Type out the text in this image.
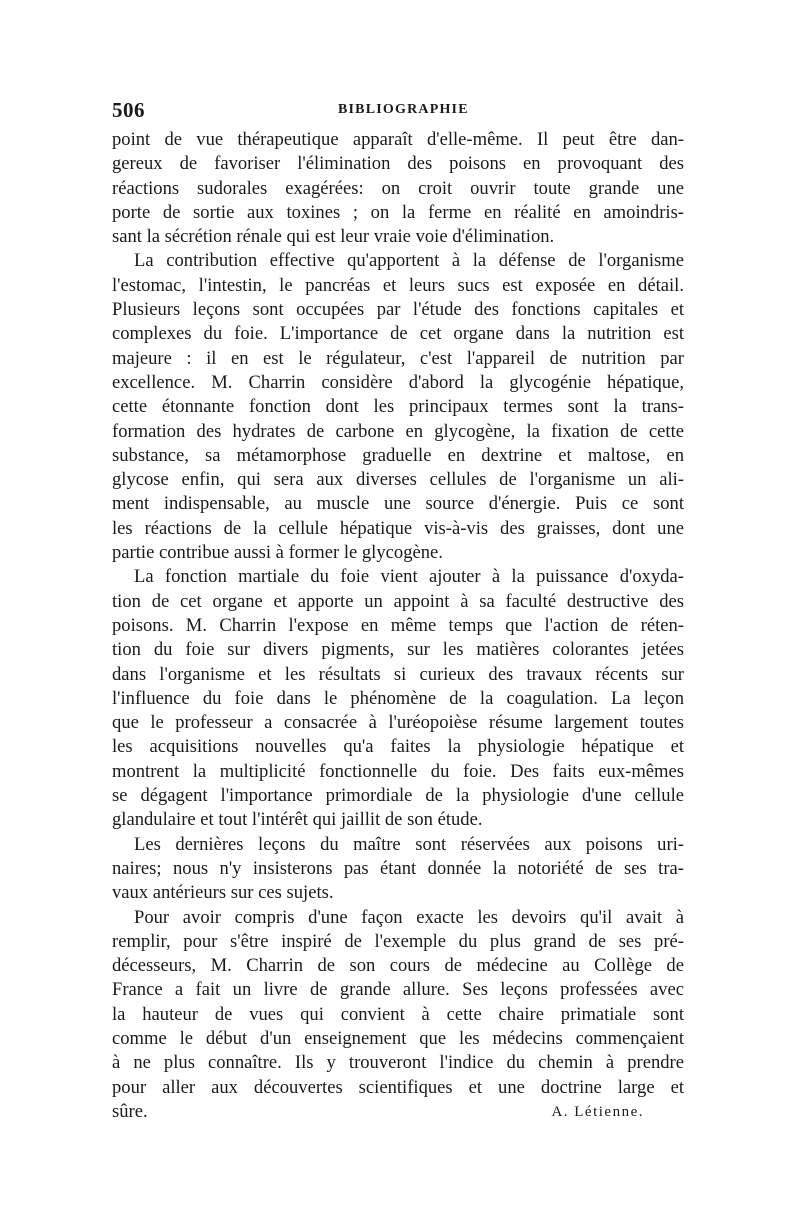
506	BIBLIOGRAPHIE
point de vue thérapeutique apparaît d'elle-même. Il peut être dan-
gereux de favoriser l'élimination des poisons en provoquant des
réactions sudorales exagérées: on croit ouvrir toute grande une
porte de sortie aux toxines ; on la ferme en réalité en amoindris-
sant la sécrétion rénale qui est leur vraie voie d'élimination.
La contribution effective qu'apportent à la défense de l'organisme
l'estomac, l'intestin, le pancréas et leurs sucs est exposée en détail.
Plusieurs leçons sont occupées par l'étude des fonctions capitales et
complexes du foie. L'importance de cet organe dans la nutrition est
majeure : il en est le régulateur, c'est l'appareil de nutrition par
excellence. M. Charrin considère d'abord la glycogénie hépatique,
cette étonnante fonction dont les principaux termes sont la trans-
formation des hydrates de carbone en glycogène, la fixation de cette
substance, sa métamorphose graduelle en dextrine et maltose, en
glycose enfin, qui sera aux diverses cellules de l'organisme un ali-
ment indispensable, au muscle une source d'énergie. Puis ce sont
les réactions de la cellule hépatique vis-à-vis des graisses, dont une
partie contribue aussi à former le glycogène.
La fonction martiale du foie vient ajouter à la puissance d'oxyda-
tion de cet organe et apporte un appoint à sa faculté destructive des
poisons. M. Charrin l'expose en même temps que l'action de réten-
tion du foie sur divers pigments, sur les matières colorantes jetées
dans l'organisme et les résultats si curieux des travaux récents sur
l'influence du foie dans le phénomène de la coagulation. La leçon
que le professeur a consacrée à l'uréopoièse résume largement toutes
les acquisitions nouvelles qu'a faites la physiologie hépatique et
montrent la multiplicité fonctionnelle du foie. Des faits eux-mêmes
se dégagent l'importance primordiale de la physiologie d'une cellule
glandulaire et tout l'intérêt qui jaillit de son étude.
Les dernières leçons du maître sont réservées aux poisons uri-
naires; nous n'y insisterons pas étant donnée la notoriété de ses tra-
vaux antérieurs sur ces sujets.
Pour avoir compris d'une façon exacte les devoirs qu'il avait à
remplir, pour s'être inspiré de l'exemple du plus grand de ses pré-
décesseurs, M. Charrin de son cours de médecine au Collège de
France a fait un livre de grande allure. Ses leçons professées avec
la hauteur de vues qui convient à cette chaire primatiale sont
comme le début d'un enseignement que les médecins commençaient
à ne plus connaître. Ils y trouveront l'indice du chemin à prendre
pour aller aux découvertes scientifiques et une doctrine large et
sûre.	A. Létienne.
